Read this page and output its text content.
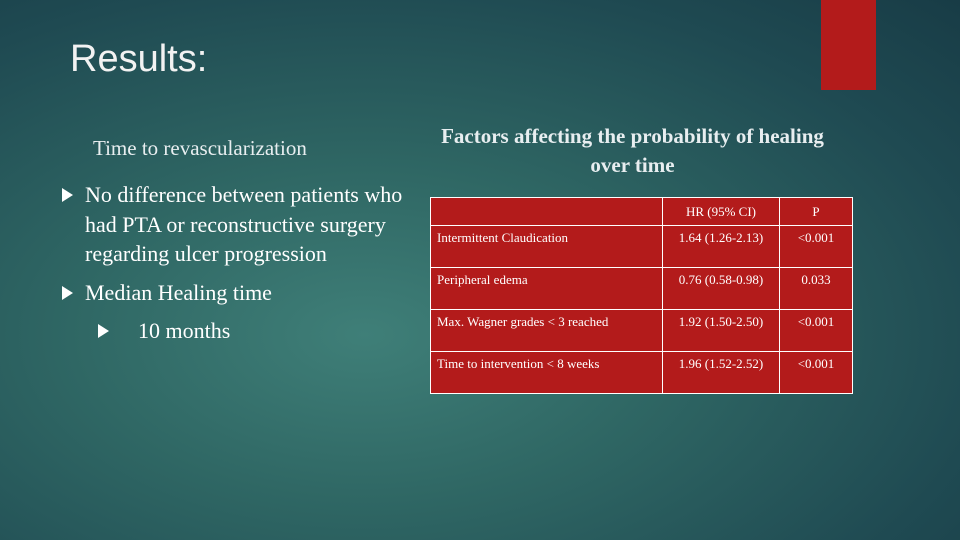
Results:
Time to revascularization
No difference between patients who had PTA or reconstructive surgery regarding ulcer progression
Median Healing time
10 months
Factors affecting the probability of healing over time
	HR (95% CI)	P
Intermittent Claudication	1.64 (1.26-2.13)	<0.001
Peripheral edema	0.76 (0.58-0.98)	0.033
Max. Wagner grades < 3 reached	1.92 (1.50-2.50)	<0.001
Time to intervention < 8 weeks	1.96 (1.52-2.52)	<0.001
